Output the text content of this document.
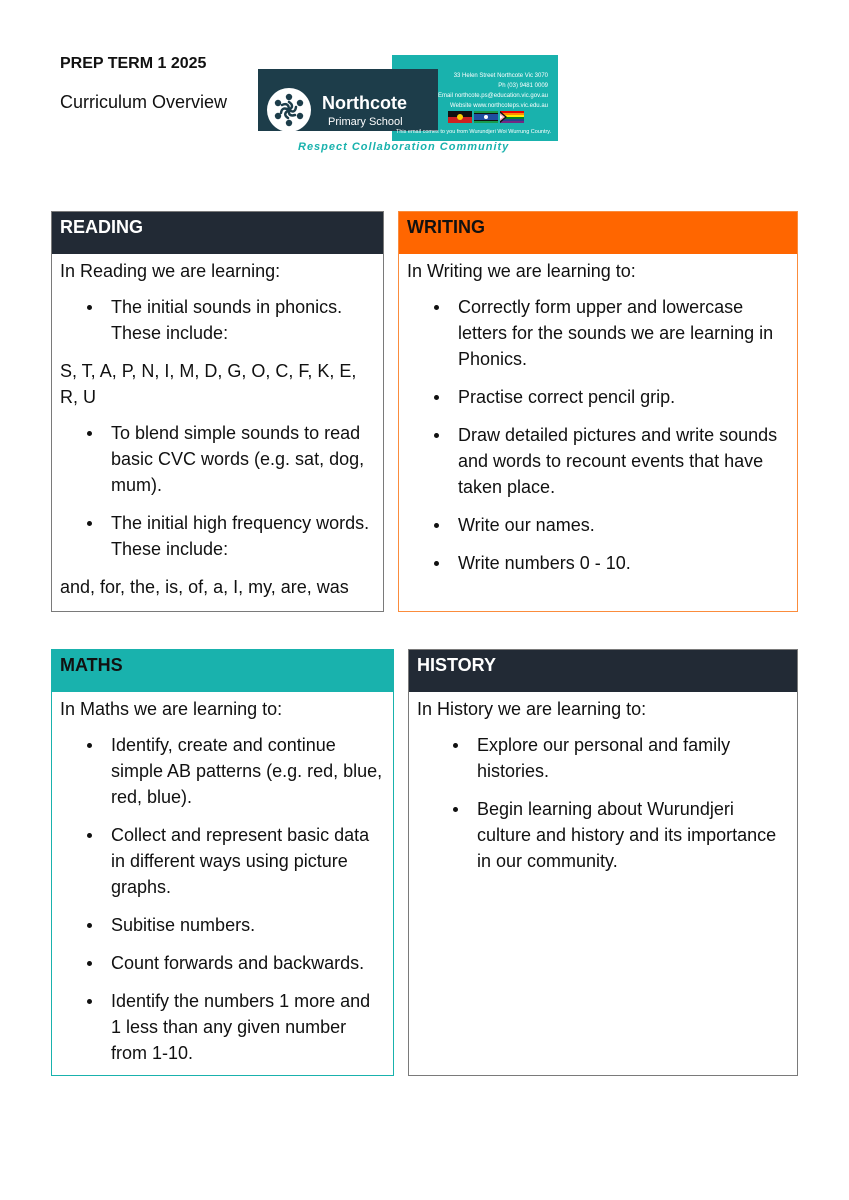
PREP TERM 1 2025
Curriculum Overview	Northcote
Primary School
33 Helen Street Northcote Vic 3070
Ph (03) 9481 0009
Email northcote.ps@education.vic.gov.au
Website www.northcoteps.vic.edu.au
This email comes to you from Wurundjeri Woi Wurrung Country.
Respect Collaboration Community
READING

In Reading we are learning:

The initial sounds in phonics. These include:

S, T, A, P, N, I, M, D, G, O, C, F, K, E, R, U

To blend simple sounds to read basic CVC words (e.g. sat, dog, mum).
The initial high frequency words. These include:

and, for, the, is, of, a, I, my, are, was

WRITING

In Writing we are learning to:

Correctly form upper and lowercase letters for the sounds we are learning in Phonics.
Practise correct pencil grip.
Draw detailed pictures and write sounds and words to recount events that have taken place.
Write our names.
Write numbers 0 - 10.
MATHS

In Maths we are learning to:

Identify, create and continue simple AB patterns (e.g. red, blue, red, blue).
Collect and represent basic data in different ways using picture graphs.
Subitise numbers.
Count forwards and backwards.
Identify the numbers 1 more and 1 less than any given number from 1-10.
HISTORY

In History we are learning to:

Explore our personal and family histories.
Begin learning about Wurundjeri culture and history and its importance in our community.
